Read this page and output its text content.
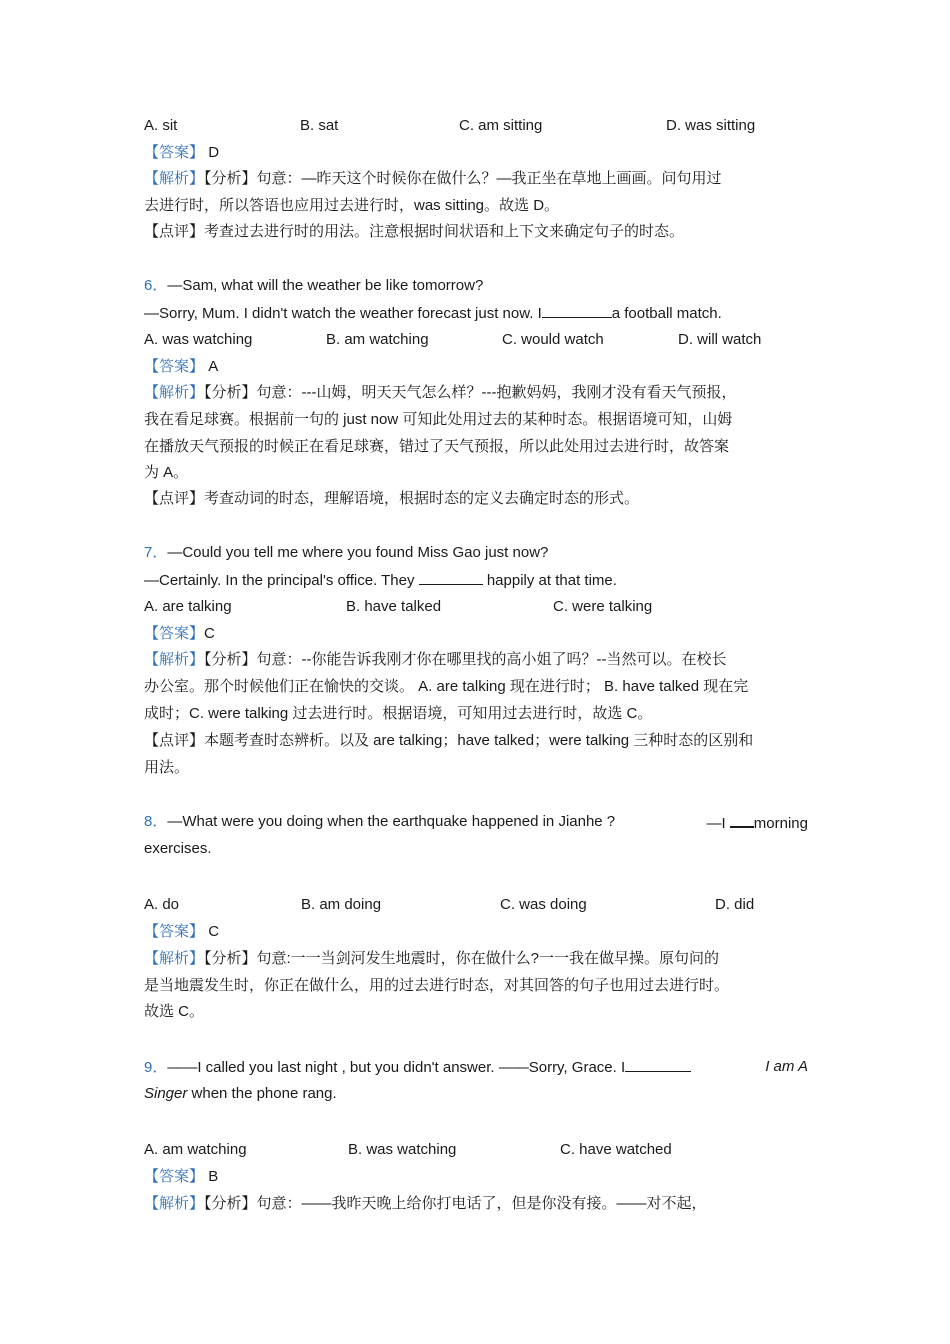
A. sit	B. sat	C. am sitting	D. was sitting
【答案】 D
【解析】【分析】句意：—昨天这个时候你在做什么？—我正坐在草地上画画。问句用过
去进行时，所以答语也应用过去进行时，was sitting。故选 D。
【点评】考查过去进行时的用法。注意根据时间状语和上下文来确定句子的时态。
6．—Sam, what will the weather be like tomorrow?
—Sorry, Mum. I didn't watch the weather forecast just now. I	a football match.
A. was watching	B. am watching	C. would watch	D. will watch
【答案】 A
【解析】【分析】句意：---山姆，明天天气怎么样？---抱歉妈妈，我刚才没有看天气预报，
我在看足球赛。根据前一句的 just now 可知此处用过去的某种时态。根据语境可知，山姆
在播放天气预报的时候正在看足球赛，错过了天气预报，所以此处用过去进行时，故答案
为 A。
【点评】考查动词的时态，理解语境，根据时态的定义去确定时态的形式。
7．—Could you tell me where you found Miss Gao just now?
—Certainly. In the principal's office. They	happily at that time.
A. are talking	B. have talked	C. were talking
【答案】C
【解析】【分析】句意：--你能告诉我刚才你在哪里找的高小姐了吗？--当然可以。在校长
办公室。那个时候他们正在愉快的交谈。 A. are talking 现在进行时； B. have talked 现在完
成时；C. were talking 过去进行时。根据语境，可知用过去进行时，故选 C。
【点评】本题考查时态辨析。以及 are talking；have talked；were talking 三种时态的区别和
用法。
8．—What were you doing when the earthquake happened in Jianhe ?	—I morning
exercises.
A. do	B. am doing	C. was doing	D. did
【答案】 C
【解析】【分析】句意:一一当剑河发生地震时，你在做什么?一一我在做早操。原句问的
是当地震发生时，你正在做什么，用的过去进行时态，对其回答的句子也用过去进行时。
故选 C。
9．——I called you last night , but you didn't answer. ——Sorry, Grace. I	I am A
Singer when the phone rang.
A. am watching	B. was watching	C. have watched
【答案】 B
【解析】【分析】句意：——我昨天晚上给你打电话了，但是你没有接。——对不起，
